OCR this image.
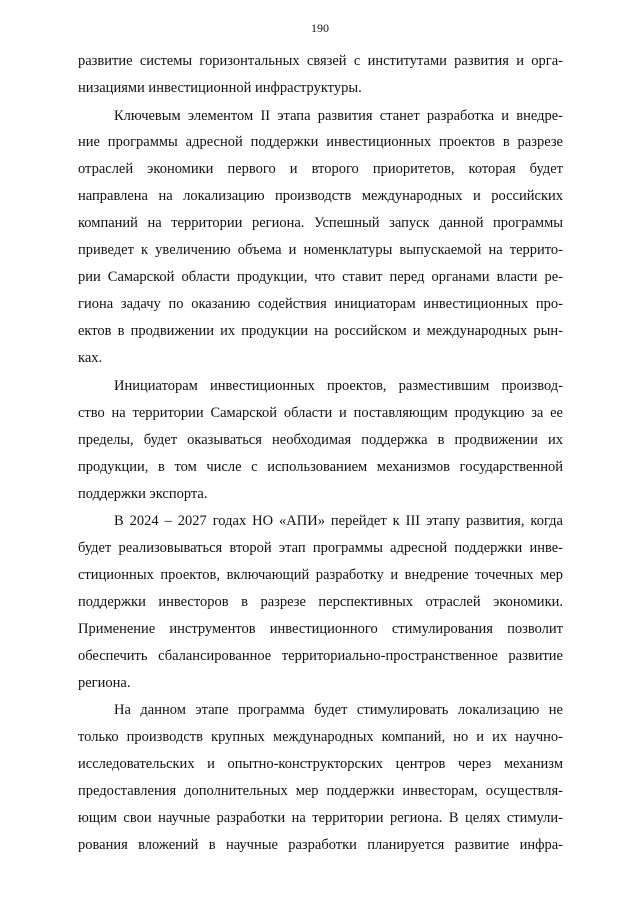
190
развитие системы горизонтальных связей с институтами развития и орга-
низациями инвестиционной инфраструктуры.
Ключевым элементом II этапа развития станет разработка и внедре-
ние программы адресной поддержки инвестиционных проектов в разрезе
отраслей экономики первого и второго приоритетов, которая будет
направлена на локализацию производств международных и российских
компаний на территории региона. Успешный запуск данной программы
приведет к увеличению объема и номенклатуры выпускаемой на террито-
рии Самарской области продукции, что ставит перед органами власти ре-
гиона задачу по оказанию содействия инициаторам инвестиционных про-
ектов в продвижении их продукции на российском и международных рын-
ках.
Инициаторам инвестиционных проектов, разместившим производ-
ство на территории Самарской области и поставляющим продукцию за ее
пределы, будет оказываться необходимая поддержка в продвижении их
продукции, в том числе с использованием механизмов государственной
поддержки экспорта.
В 2024 – 2027 годах НО «АПИ» перейдет к III этапу развития, когда
будет реализовываться второй этап программы адресной поддержки инве-
стиционных проектов, включающий разработку и внедрение точечных мер
поддержки инвесторов в разрезе перспективных отраслей экономики.
Применение инструментов инвестиционного стимулирования позволит
обеспечить сбалансированное территориально-пространственное развитие
региона.
На данном этапе программа будет стимулировать локализацию не
только производств крупных международных компаний, но и их научно-
исследовательских и опытно-конструкторских центров через механизм
предоставления дополнительных мер поддержки инвесторам, осуществля-
ющим свои научные разработки на территории региона. В целях стимули-
рования вложений в научные разработки планируется развитие инфра-
